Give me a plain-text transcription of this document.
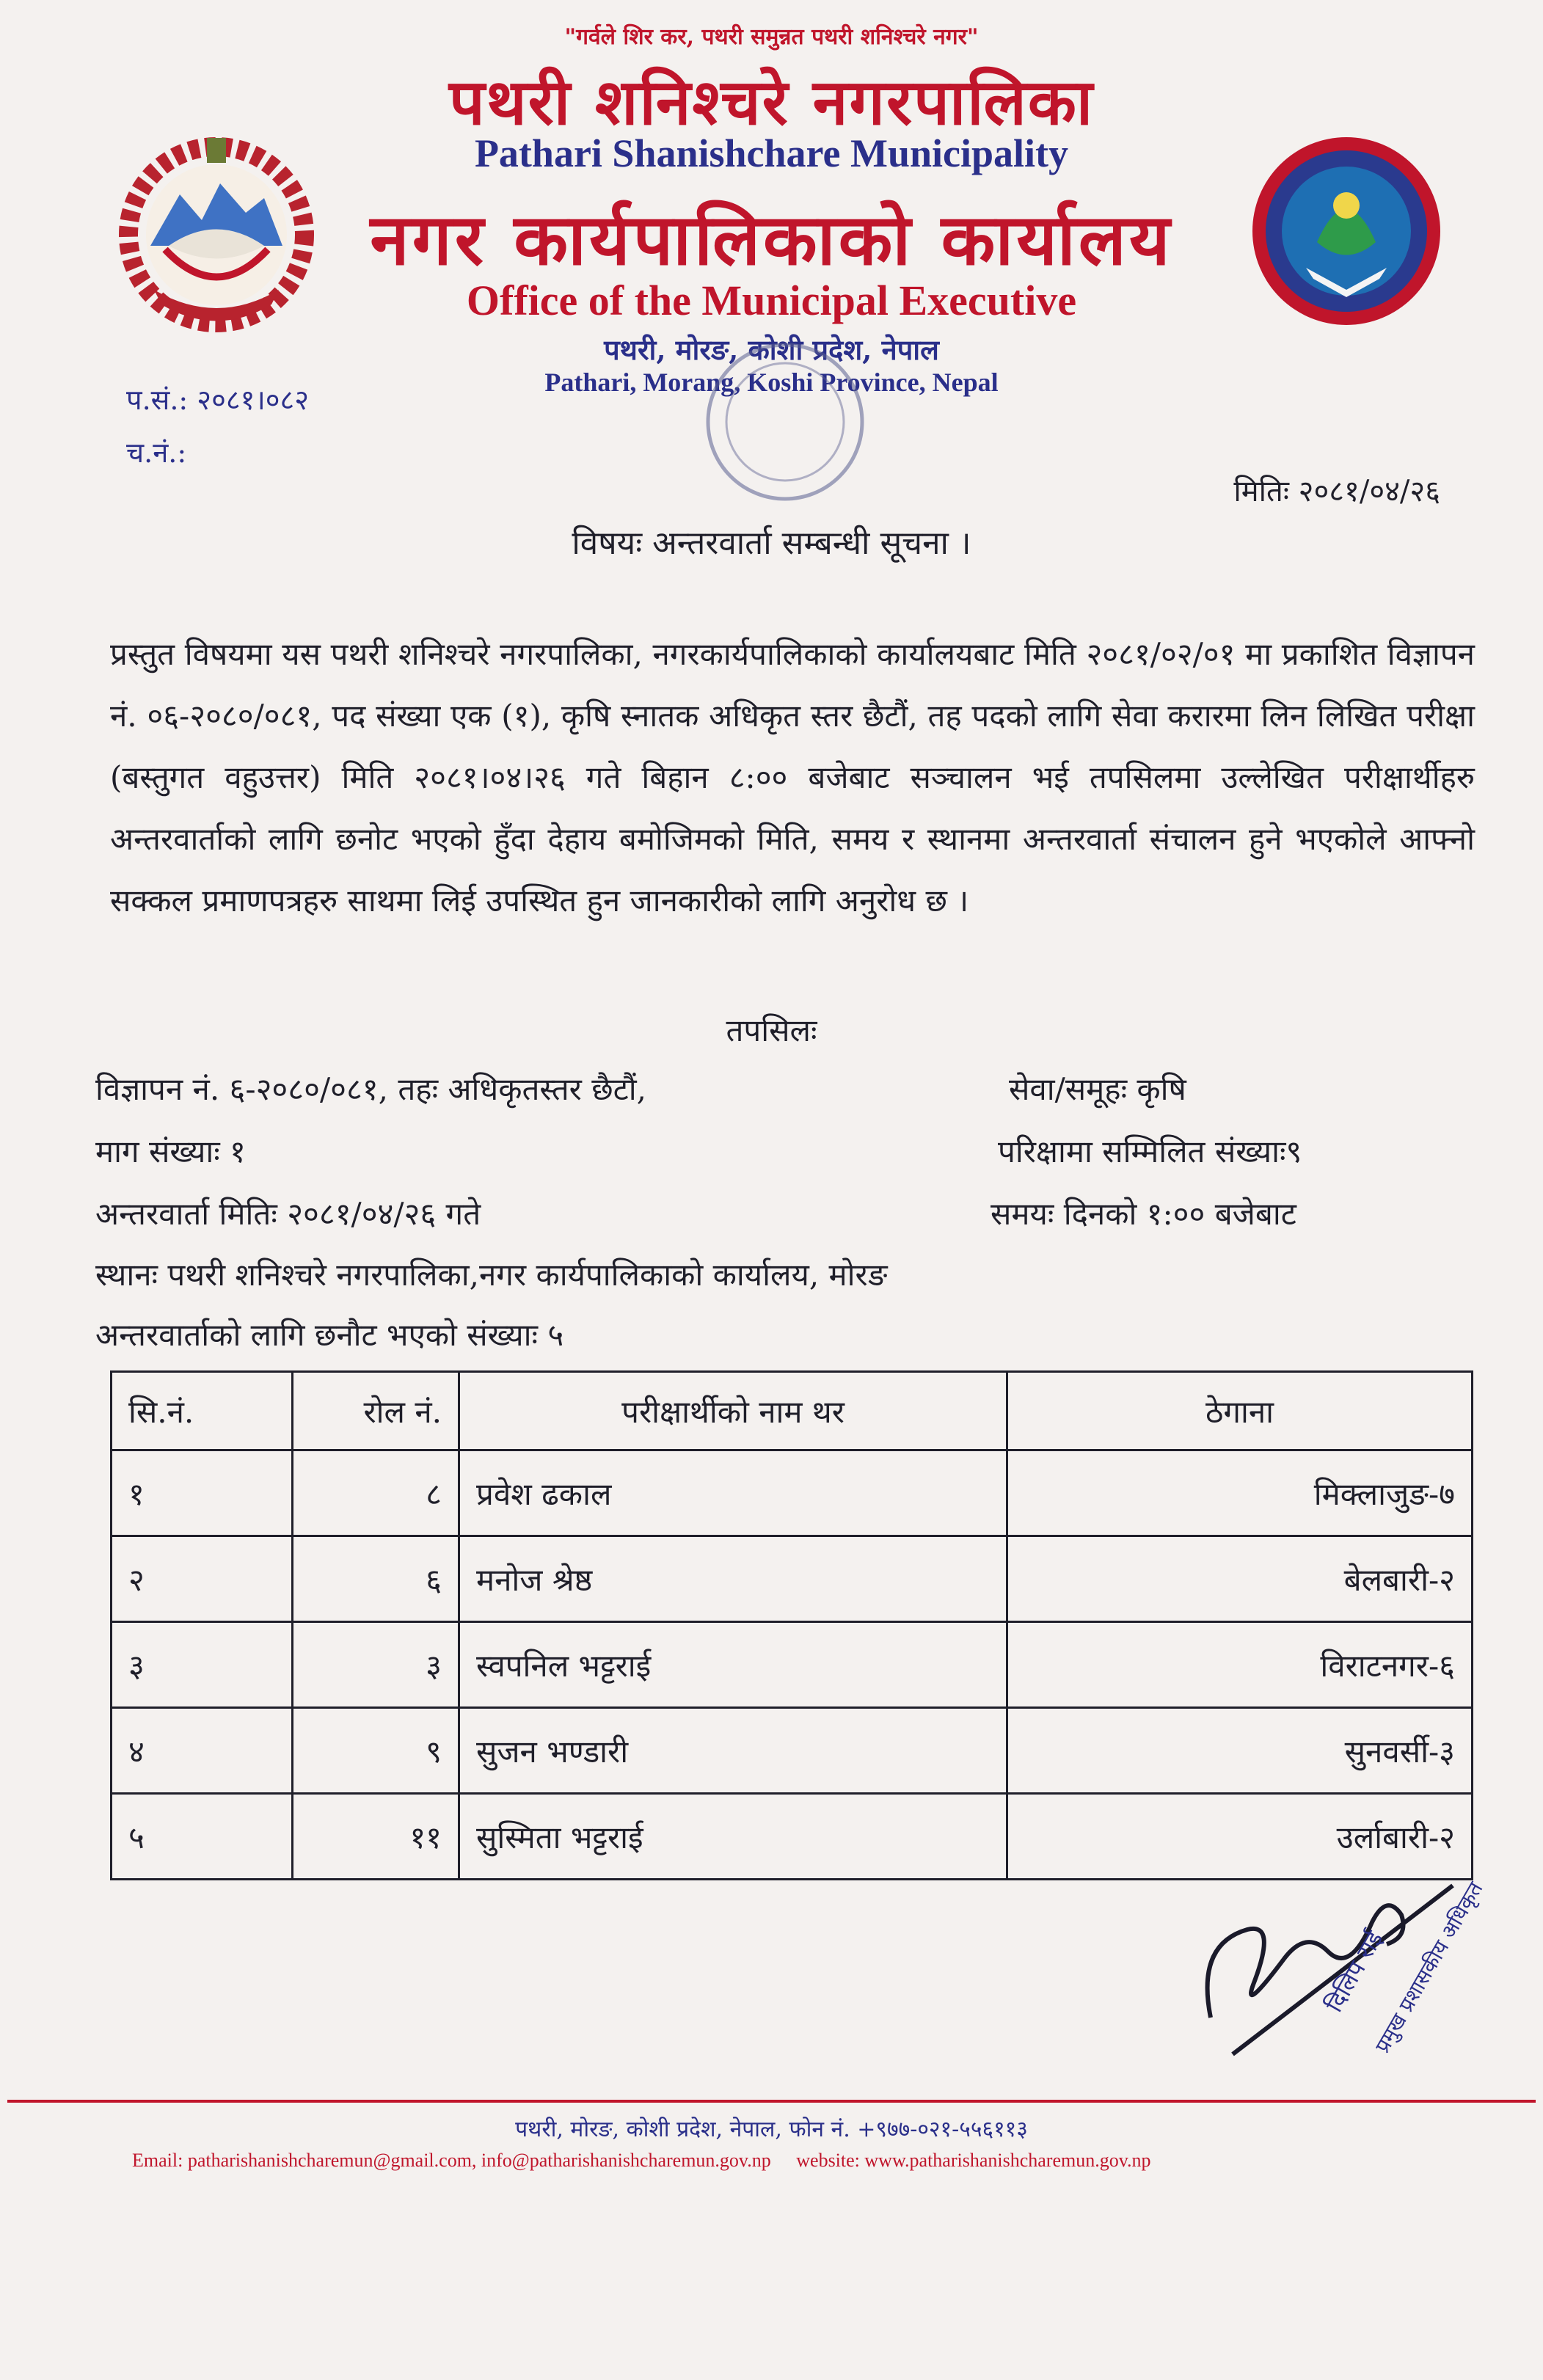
"गर्वले शिर कर, पथरी समुन्नत पथरी शनिश्चरे नगर"
पथरी शनिश्चरे नगरपालिका
Pathari Shanishchare Municipality
नगर कार्यपालिकाको कार्यालय
Office of the Municipal Executive
पथरी, मोरङ, कोशी प्रदेश, नेपाल
Pathari, Morang, Koshi Province, Nepal
प.सं.: २०८१।०८२
च.नं.:
मितिः २०८१/०४/२६
विषयः अन्तरवार्ता सम्बन्धी सूचना ।
प्रस्तुत विषयमा यस पथरी शनिश्चरे नगरपालिका, नगरकार्यपालिकाको कार्यालयबाट मिति २०८१/०२/०१ मा प्रकाशित विज्ञापन नं. ०६-२०८०/०८१, पद संख्या एक (१), कृषि स्नातक अधिकृत स्तर छैटौं, तह पदको लागि सेवा करारमा लिन लिखित परीक्षा (बस्तुगत वहुउत्तर) मिति २०८१।०४।२६ गते बिहान ८:०० बजेबाट सञ्चालन भई तपसिलमा उल्लेखित परीक्षार्थीहरु अन्तरवार्ताको लागि छनोट भएको हुँदा देहाय बमोजिमको मिति, समय र स्थानमा अन्तरवार्ता संचालन हुने भएकोले आफ्नो सक्कल प्रमाणपत्रहरु साथमा लिई उपस्थित हुन जानकारीको लागि अनुरोध छ ।
तपसिलः
विज्ञापन नं. ६-२०८०/०८१, तहः अधिकृतस्तर छैटौं,	सेवा/समूहः कृषि
माग संख्याः १	परिक्षामा सम्मिलित संख्याः९
अन्तरवार्ता मितिः २०८१/०४/२६ गते	समयः दिनको १:०० बजेबाट
स्थानः पथरी शनिश्चरे नगरपालिका,नगर कार्यपालिकाको कार्यालय, मोरङ
अन्तरवार्ताको लागि छनौट भएको संख्याः ५
सि.नं.	रोल नं.	परीक्षार्थीको नाम थर	ठेगाना
१	८	प्रवेश ढकाल	मिक्लाजुङ-७
२	६	मनोज श्रेष्ठ	बेलबारी-२
३	३	स्वपनिल भट्टराई	विराटनगर-६
४	९	सुजन भण्डारी	सुनवर्सी-३
५	११	सुस्मिता भट्टराई	उर्लाबारी-२
दिलिप राई
प्रमुख प्रशासकीय अधिकृत
पथरी, मोरङ, कोशी प्रदेश, नेपाल, फोन नं. +९७७-०२१-५५६११३
Email: patharishanishcharemun@gmail.com, info@patharishanishcharemun.gov.np website: www.patharishanishcharemun.gov.np
